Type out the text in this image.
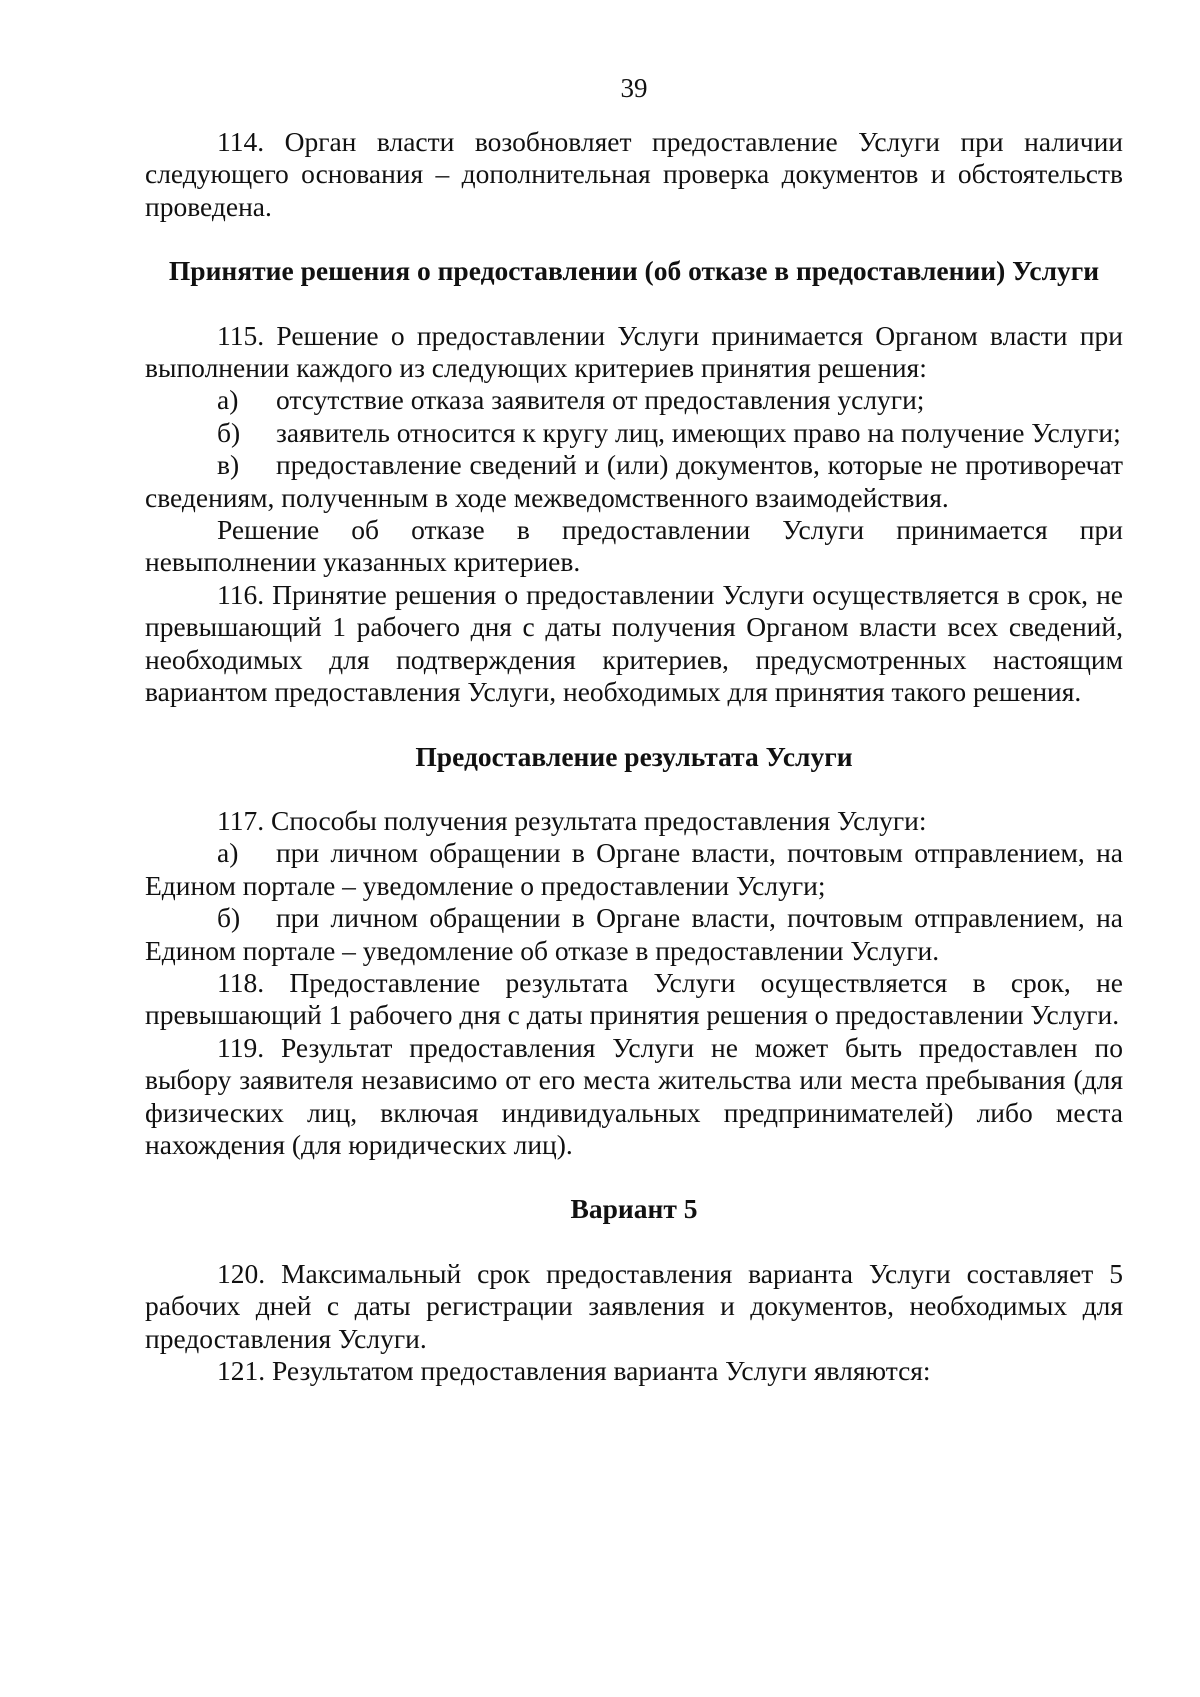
39

114. Орган власти возобновляет предоставление Услуги при наличии следующего основания – дополнительная проверка документов и обстоятельств проведена.

Принятие решения о предоставлении (об отказе в предоставлении) Услуги

115. Решение о предоставлении Услуги принимается Органом власти при выполнении каждого из следующих критериев принятия решения:

а) отсутствие отказа заявителя от предоставления услуги;

б) заявитель относится к кругу лиц, имеющих право на получение Услуги;

в) предоставление сведений и (или) документов, которые не противоречат сведениям, полученным в ходе межведомственного взаимодействия.

Решение об отказе в предоставлении Услуги принимается при невыполнении указанных критериев.

116. Принятие решения о предоставлении Услуги осуществляется в срок, не превышающий 1 рабочего дня с даты получения Органом власти всех сведений, необходимых для подтверждения критериев, предусмотренных настоящим вариантом предоставления Услуги, необходимых для принятия такого решения.

Предоставление результата Услуги

117. Способы получения результата предоставления Услуги:

а) при личном обращении в Органе власти, почтовым отправлением, на Едином портале – уведомление о предоставлении Услуги;

б) при личном обращении в Органе власти, почтовым отправлением, на Едином портале – уведомление об отказе в предоставлении Услуги.

118. Предоставление результата Услуги осуществляется в срок, не превышающий 1 рабочего дня с даты принятия решения о предоставлении Услуги.

119. Результат предоставления Услуги не может быть предоставлен по выбору заявителя независимо от его места жительства или места пребывания (для физических лиц, включая индивидуальных предпринимателей) либо места нахождения (для юридических лиц).

Вариант 5

120. Максимальный срок предоставления варианта Услуги составляет 5 рабочих дней с даты регистрации заявления и документов, необходимых для предоставления Услуги.

121. Результатом предоставления варианта Услуги являются:
